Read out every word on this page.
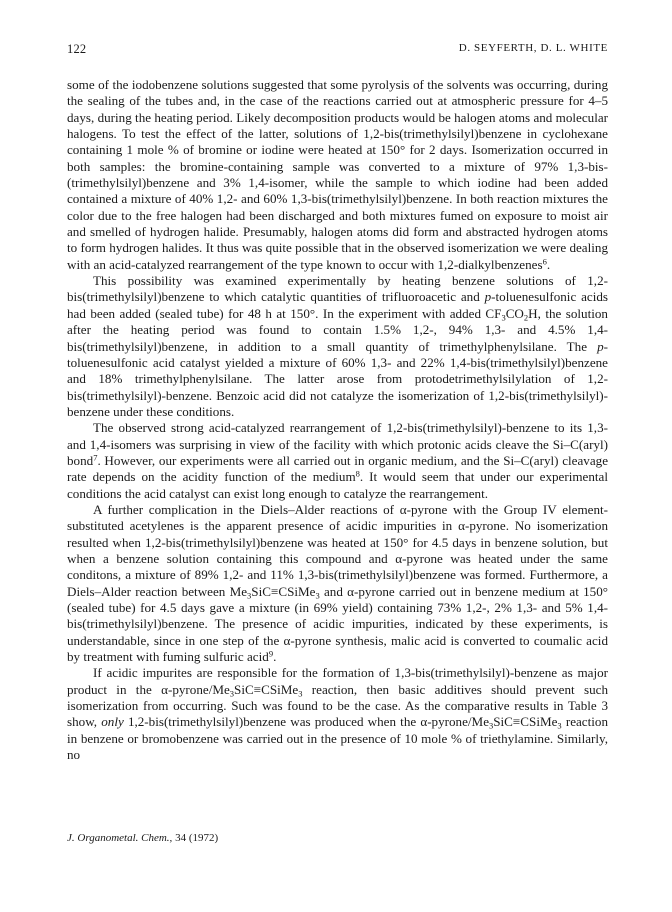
122	D. SEYFERTH, D. L. WHITE

some of the iodobenzene solutions suggested that some pyrolysis of the solvents was occurring, during the sealing of the tubes and, in the case of the reactions carried out at atmospheric pressure for 4–5 days, during the heating period. Likely decomposition products would be halogen atoms and molecular halogens. To test the effect of the latter, solutions of 1,2-bis(trimethylsilyl)benzene in cyclohexane containing 1 mole % of bromine or iodine were heated at 150° for 2 days. Isomerization occurred in both samples: the bromine-containing sample was converted to a mixture of 97% 1,3-bis-(trimethylsilyl)benzene and 3% 1,4-isomer, while the sample to which iodine had been added contained a mixture of 40% 1,2- and 60% 1,3-bis(trimethylsilyl)benzene. In both reaction mixtures the color due to the free halogen had been discharged and both mixtures fumed on exposure to moist air and smelled of hydrogen halide. Presumably, halogen atoms did form and abstracted hydrogen atoms to form hydrogen halides. It thus was quite possible that in the observed isomerization we were dealing with an acid-catalyzed rearrangement of the type known to occur with 1,2-dialkylbenzenes$^6$.

This possibility was examined experimentally by heating benzene solutions of 1,2-bis(trimethylsilyl)benzene to which catalytic quantities of trifluoroacetic and p-toluenesulfonic acids had been added (sealed tube) for 48 h at 150°. In the experiment with added $CF_3CO_2H$, the solution after the heating period was found to contain 1.5% 1,2-, 94% 1,3- and 4.5% 1,4-bis(trimethylsilyl)benzene, in addition to a small quantity of trimethylphenylsilane. The p-toluenesulfonic acid catalyst yielded a mixture of 60% 1,3- and 22% 1,4-bis(trimethylsilyl)benzene and 18% trimethylphenylsilane. The latter arose from protodetrimethylsilylation of 1,2-bis(trimethylsilyl)-benzene. Benzoic acid did not catalyze the isomerization of 1,2-bis(trimethylsilyl)-benzene under these conditions.

The observed strong acid-catalyzed rearrangement of 1,2-bis(trimethylsilyl)-benzene to its 1,3- and 1,4-isomers was surprising in view of the facility with which protonic acids cleave the Si–C(aryl) bond$^7$. However, our experiments were all carried out in organic medium, and the Si–C(aryl) cleavage rate depends on the acidity function of the medium$^8$. It would seem that under our experimental conditions the acid catalyst can exist long enough to catalyze the rearrangement.

A further complication in the Diels–Alder reactions of α-pyrone with the Group IV element-substituted acetylenes is the apparent presence of acidic impurities in α-pyrone. No isomerization resulted when 1,2-bis(trimethylsilyl)benzene was heated at 150° for 4.5 days in benzene solution, but when a benzene solution containing this compound and α-pyrone was heated under the same conditons, a mixture of 89% 1,2- and 11% 1,3-bis(trimethylsilyl)benzene was formed. Furthermore, a Diels–Alder reaction between $Me_3SiC\equiv CSiMe_3$ and α-pyrone carried out in benzene medium at 150° (sealed tube) for 4.5 days gave a mixture (in 69% yield) containing 73% 1,2-, 2% 1,3- and 5% 1,4-bis(trimethylsilyl)benzene. The presence of acidic impurities, indicated by these experiments, is understandable, since in one step of the α-pyrone synthesis, malic acid is converted to coumalic acid by treatment with fuming sulfuric acid$^9$.

If acidic impurites are responsible for the formation of 1,3-bis(trimethylsilyl)-benzene as major product in the $\alpha-pyrone/Me_3SiC\equiv CSiMe_3$ reaction, then basic additives should prevent such isomerization from occurring. Such was found to be the case. As the comparative results in Table 3 show, only 1,2-bis(trimethylsilyl)benzene was produced when the $\alpha-pyrone/Me_3SiC\equiv CSiMe_3$ reaction in benzene or bromobenzene was carried out in the presence of 10 mole % of triethylamine. Similarly, no

J. Organometal. Chem., 34 (1972)
